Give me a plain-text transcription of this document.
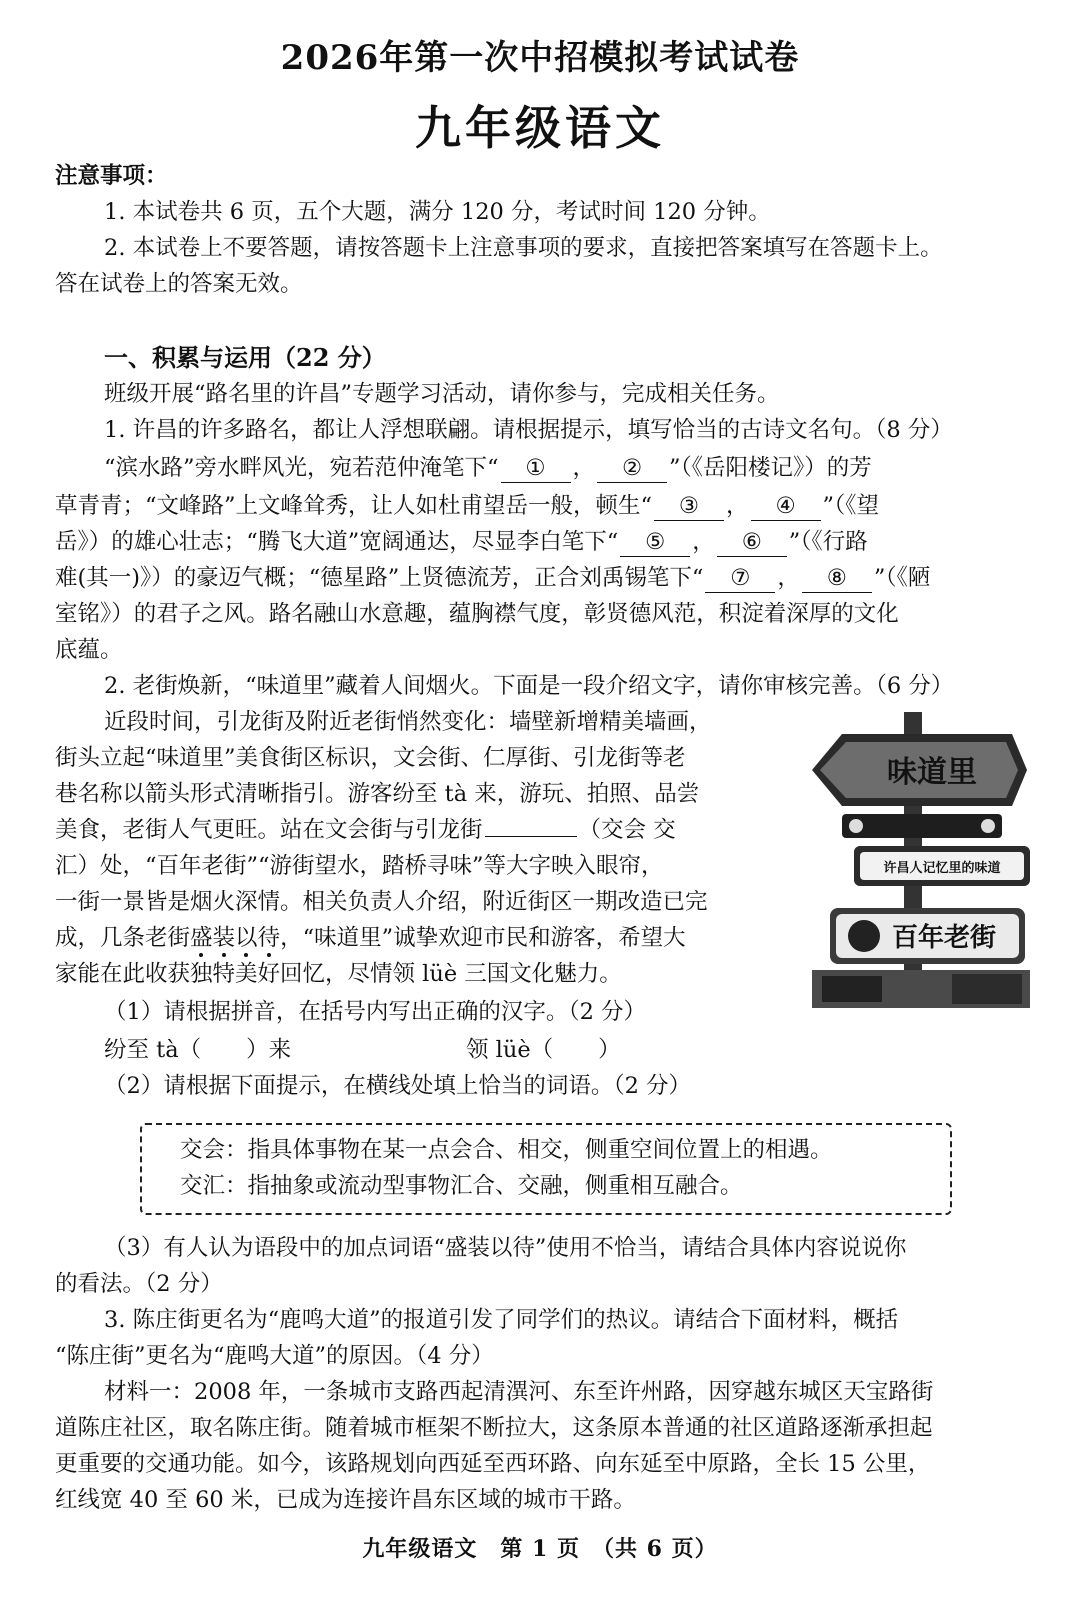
2026年第一次中招模拟考试试卷
九年级语文
注意事项：
1. 本试卷共 6 页，五个大题，满分 120 分，考试时间 120 分钟。
2. 本试卷上不要答题，请按答题卡上注意事项的要求，直接把答案填写在答题卡上。
答在试卷上的答案无效。
一、积累与运用（22 分）
班级开展“路名里的许昌”专题学习活动，请你参与，完成相关任务。
1. 许昌的许多路名，都让人浮想联翩。请根据提示，填写恰当的古诗文名句。（8 分）
“滨水路”旁水畔风光，宛若范仲淹笔下“ ① ， ② ”（《岳阳楼记》）的芳
草青青；“文峰路”上文峰耸秀，让人如杜甫望岳一般，顿生“ ③ ， ④ ”（《望
岳》）的雄心壮志；“腾飞大道”宽阔通达，尽显李白笔下“ ⑤ ， ⑥ ”（《行路
难(其一)》）的豪迈气概；“德星路”上贤德流芳，正合刘禹锡笔下“ ⑦ ， ⑧ ”（《陋
室铭》）的君子之风。路名融山水意趣，蕴胸襟气度，彰贤德风范，积淀着深厚的文化
底蕴。
2. 老街焕新，“味道里”藏着人间烟火。下面是一段介绍文字，请你审核完善。（6 分）
近段时间，引龙街及附近老街悄然变化：墙壁新增精美墙画，
街头立起“味道里”美食街区标识，文会街、仁厚街、引龙街等老
巷名称以箭头形式清晰指引。游客纷至 tà 来，游玩、拍照、品尝
美食，老街人气更旺。站在文会街与引龙街	（交会 交
汇）处，“百年老街”“游街望水，踏桥寻味”等大字映入眼帘，
一街一景皆是烟火深情。相关负责人介绍，附近街区一期改造已完
成，几条老街盛装以待，“味道里”诚挚欢迎市民和游客，希望大
家能在此收获独特美好回忆，尽情领 lüè 三国文化魅力。
味道里
许昌人记忆里的味道
百年老街
（1）请根据拼音，在括号内写出正确的汉字。（2 分）
纷至 tà（　　）来	领 lüè（　　）
（2）请根据下面提示，在横线处填上恰当的词语。（2 分）
交会：指具体事物在某一点会合、相交，侧重空间位置上的相遇。
交汇：指抽象或流动型事物汇合、交融，侧重相互融合。
（3）有人认为语段中的加点词语“盛装以待”使用不恰当，请结合具体内容说说你
的看法。（2 分）
3. 陈庄街更名为“鹿鸣大道”的报道引发了同学们的热议。请结合下面材料，概括
“陈庄街”更名为“鹿鸣大道”的原因。（4 分）
材料一：2008 年，一条城市支路西起清潩河、东至许州路，因穿越东城区天宝路街
道陈庄社区，取名陈庄街。随着城市框架不断拉大，这条原本普通的社区道路逐渐承担起
更重要的交通功能。如今，该路规划向西延至西环路、向东延至中原路，全长 15 公里，
红线宽 40 至 60 米，已成为连接许昌东区域的城市干路。
九年级语文　第 1 页　（共 6 页）
